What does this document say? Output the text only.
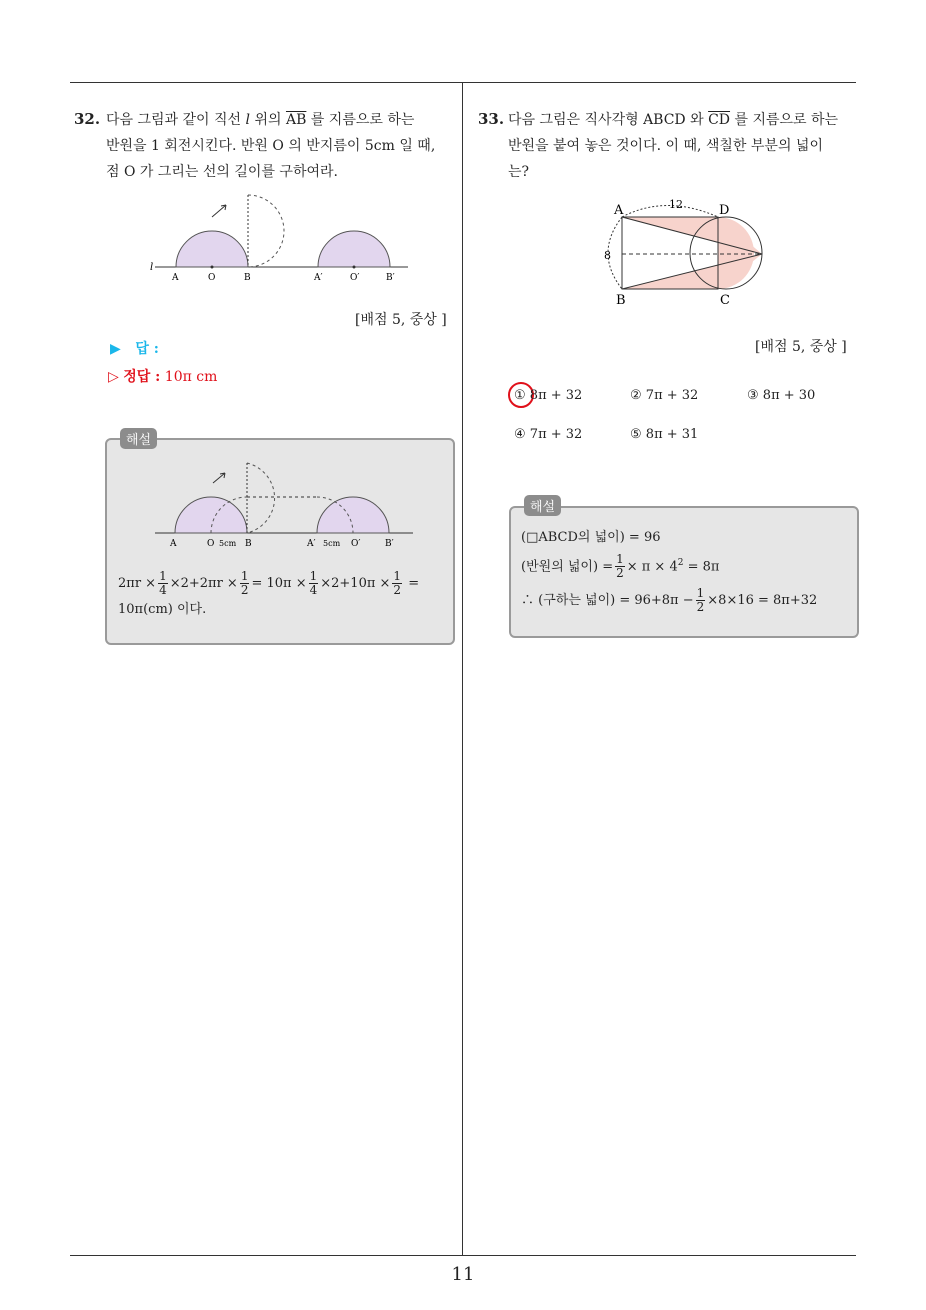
32. 다음 그림과 같이 직선 l 위의 $\overline{AB}$ 를 지름으로 하는

반원을 1 회전시킨다. 반원 O 의 반지름이 5cm 일 때,

점 O 가 그리는 선의 길이를 구하여라.

l
A	O	B	A′	O′	B′
[배점 5, 중상 ]
▶ 답 :
▷ 정답 : 10π cm
해설
A	O 5cm B	A′ 5cm O′	B′
$2\pi r \times \frac{1}{4} \times 2+2\pi r \times \frac{1}{2} = 10\pi \times \frac{1}{4} \times 2+10\pi \times \frac{1}{2}$ =
10π(cm) 이다.
33. 다음 그림은 직사각형 ABCD 와 $\overline{CD}$ 를 지름으로 하는

반원을 붙여 놓은 것이다. 이 때, 색칠한 부분의 넓이

는?

A	D
B	C
12
8
[배점 5, 중상 ]
① 8π + 32	② 7π + 32	③ 8π + 30
④ 7π + 32	⑤ 8π + 31
해설
(□ABCD의 넓이) = 96
(반원의 넓이) = $\frac{1}{2} \times \pi \times 4^2 = 8\pi$
∴ (구하는 넓이) = $96+8\pi - \frac{1}{2} \times 8\times 16 = 8\pi+32$
11
